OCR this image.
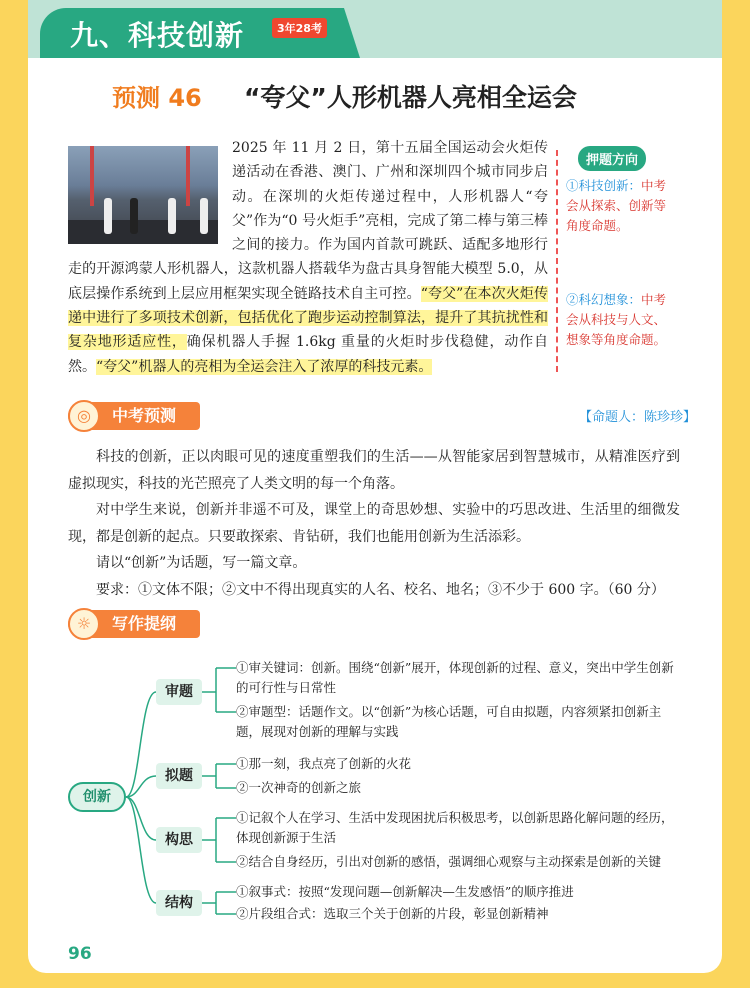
九、科技创新	3年28考
预测 46 “夸父”人形机器人亮相全运会
2025 年 11 月 2 日，第十五届全国运动会火炬传递活动在香港、澳门、广州和深圳四个城市同步启动。在深圳的火炬传递过程中，人形机器人“夸父”作为“0 号火炬手”亮相，完成了第二棒与第三棒之间的接力。作为国内首款可跳跃、适配多地形行走的开源鸿蒙人形机器人，这款机器人搭载华为盘古具身智能大模型 5.0，从底层操作系统到上层应用框架实现全链路技术自主可控。“夸父”在本次火炬传递中进行了多项技术创新，包括优化了跑步运动控制算法，提升了其抗扰性和复杂地形适应性，确保机器人手握 1.6kg 重量的火炬时步伐稳健，动作自然。“夸父”机器人的亮相为全运会注入了浓厚的科技元素。
押题方向
①科技创新：中考会从探索、创新等角度命题。
②科幻想象：中考会从科技与人文、想象等角度命题。
◎	中考预测	【命题人：陈珍珍】

科技的创新，正以肉眼可见的速度重塑我们的生活——从智能家居到智慧城市，从精准医疗到虚拟现实，科技的光芒照亮了人类文明的每一个角落。

对中学生来说，创新并非遥不可及，课堂上的奇思妙想、实验中的巧思改进、生活里的细微发现，都是创新的起点。只要敢探索、肯钻研，我们也能用创新为生活添彩。

请以“创新”为话题，写一篇文章。

要求：①文体不限；②文中不得出现真实的人名、校名、地名；③不少于 600 字。（60 分）

☼	写作提纲
创新
审题
①审关键词：创新。围绕“创新”展开，体现创新的过程、意义，突出中学生创新的可行性与日常性
②审题型：话题作文。以“创新”为核心话题，可自由拟题，内容须紧扣创新主题，展现对创新的理解与实践
拟题
①那一刻，我点亮了创新的火花
②一次神奇的创新之旅
构思
①记叙个人在学习、生活中发现困扰后积极思考，以创新思路化解问题的经历，体现创新源于生活
②结合自身经历，引出对创新的感悟，强调细心观察与主动探索是创新的关键
结构
①叙事式：按照“发现问题—创新解决—生发感悟”的顺序推进
②片段组合式：选取三个关于创新的片段，彰显创新精神
96
